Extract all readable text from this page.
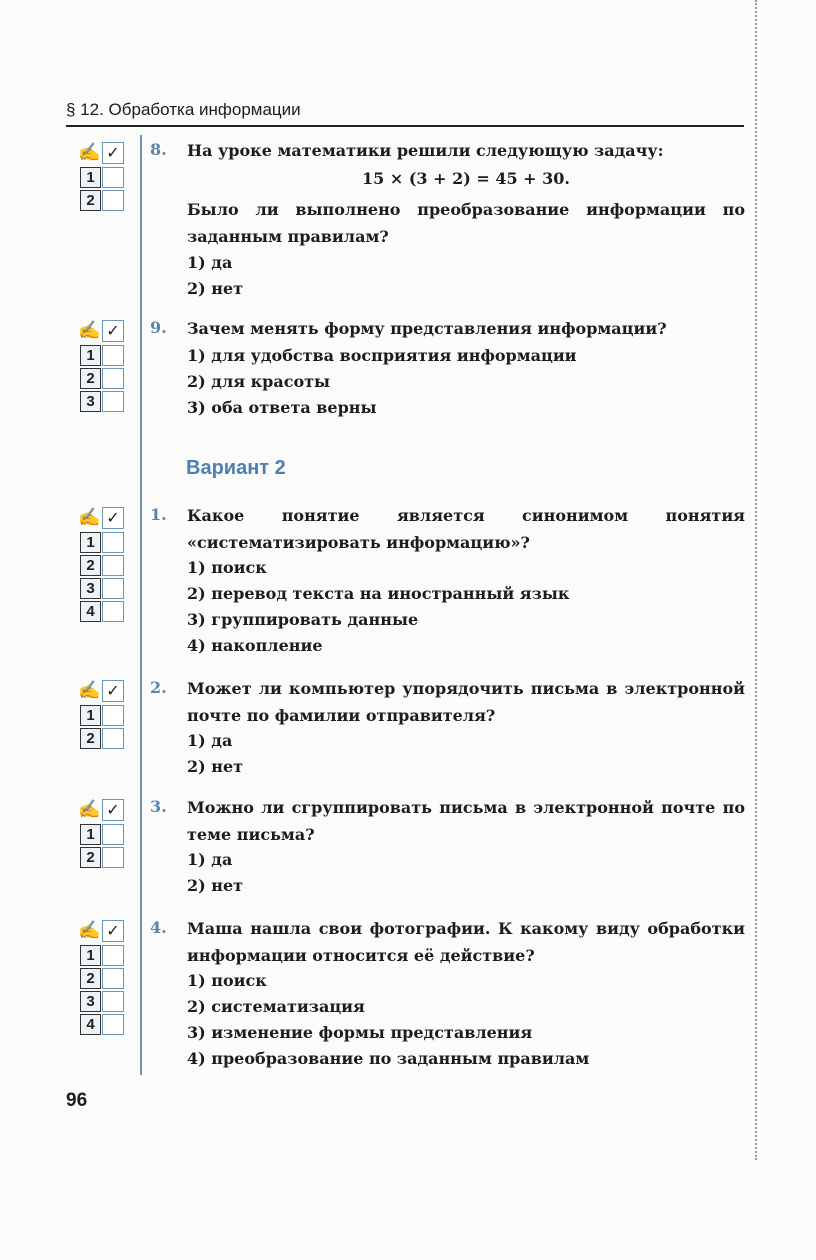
§ 12. Обработка информации
✍ ✓
1
2
8. На уроке математики решили следующую задачу:
15 × (3 + 2) = 45 + 30.
Было ли выполнено преобразование информации по заданным правилам?
1) да
2) нет
✍ ✓
1
2
3
9. Зачем менять форму представления информации?
1) для удобства восприятия информации
2) для красоты
3) оба ответа верны
Вариант 2
✍ ✓
1
2
3
4
1. Какое понятие является синонимом понятия «систематизировать информацию»?
1) поиск
2) перевод текста на иностранный язык
3) группировать данные
4) накопление
✍ ✓
1
2
2. Может ли компьютер упорядочить письма в электронной почте по фамилии отправителя?
1) да
2) нет
✍ ✓
1
2
3. Можно ли сгруппировать письма в электронной почте по теме письма?
1) да
2) нет
✍ ✓
1
2
3
4
4. Маша нашла свои фотографии. К какому виду обработки информации относится её действие?
1) поиск
2) систематизация
3) изменение формы представления
4) преобразование по заданным правилам
96
